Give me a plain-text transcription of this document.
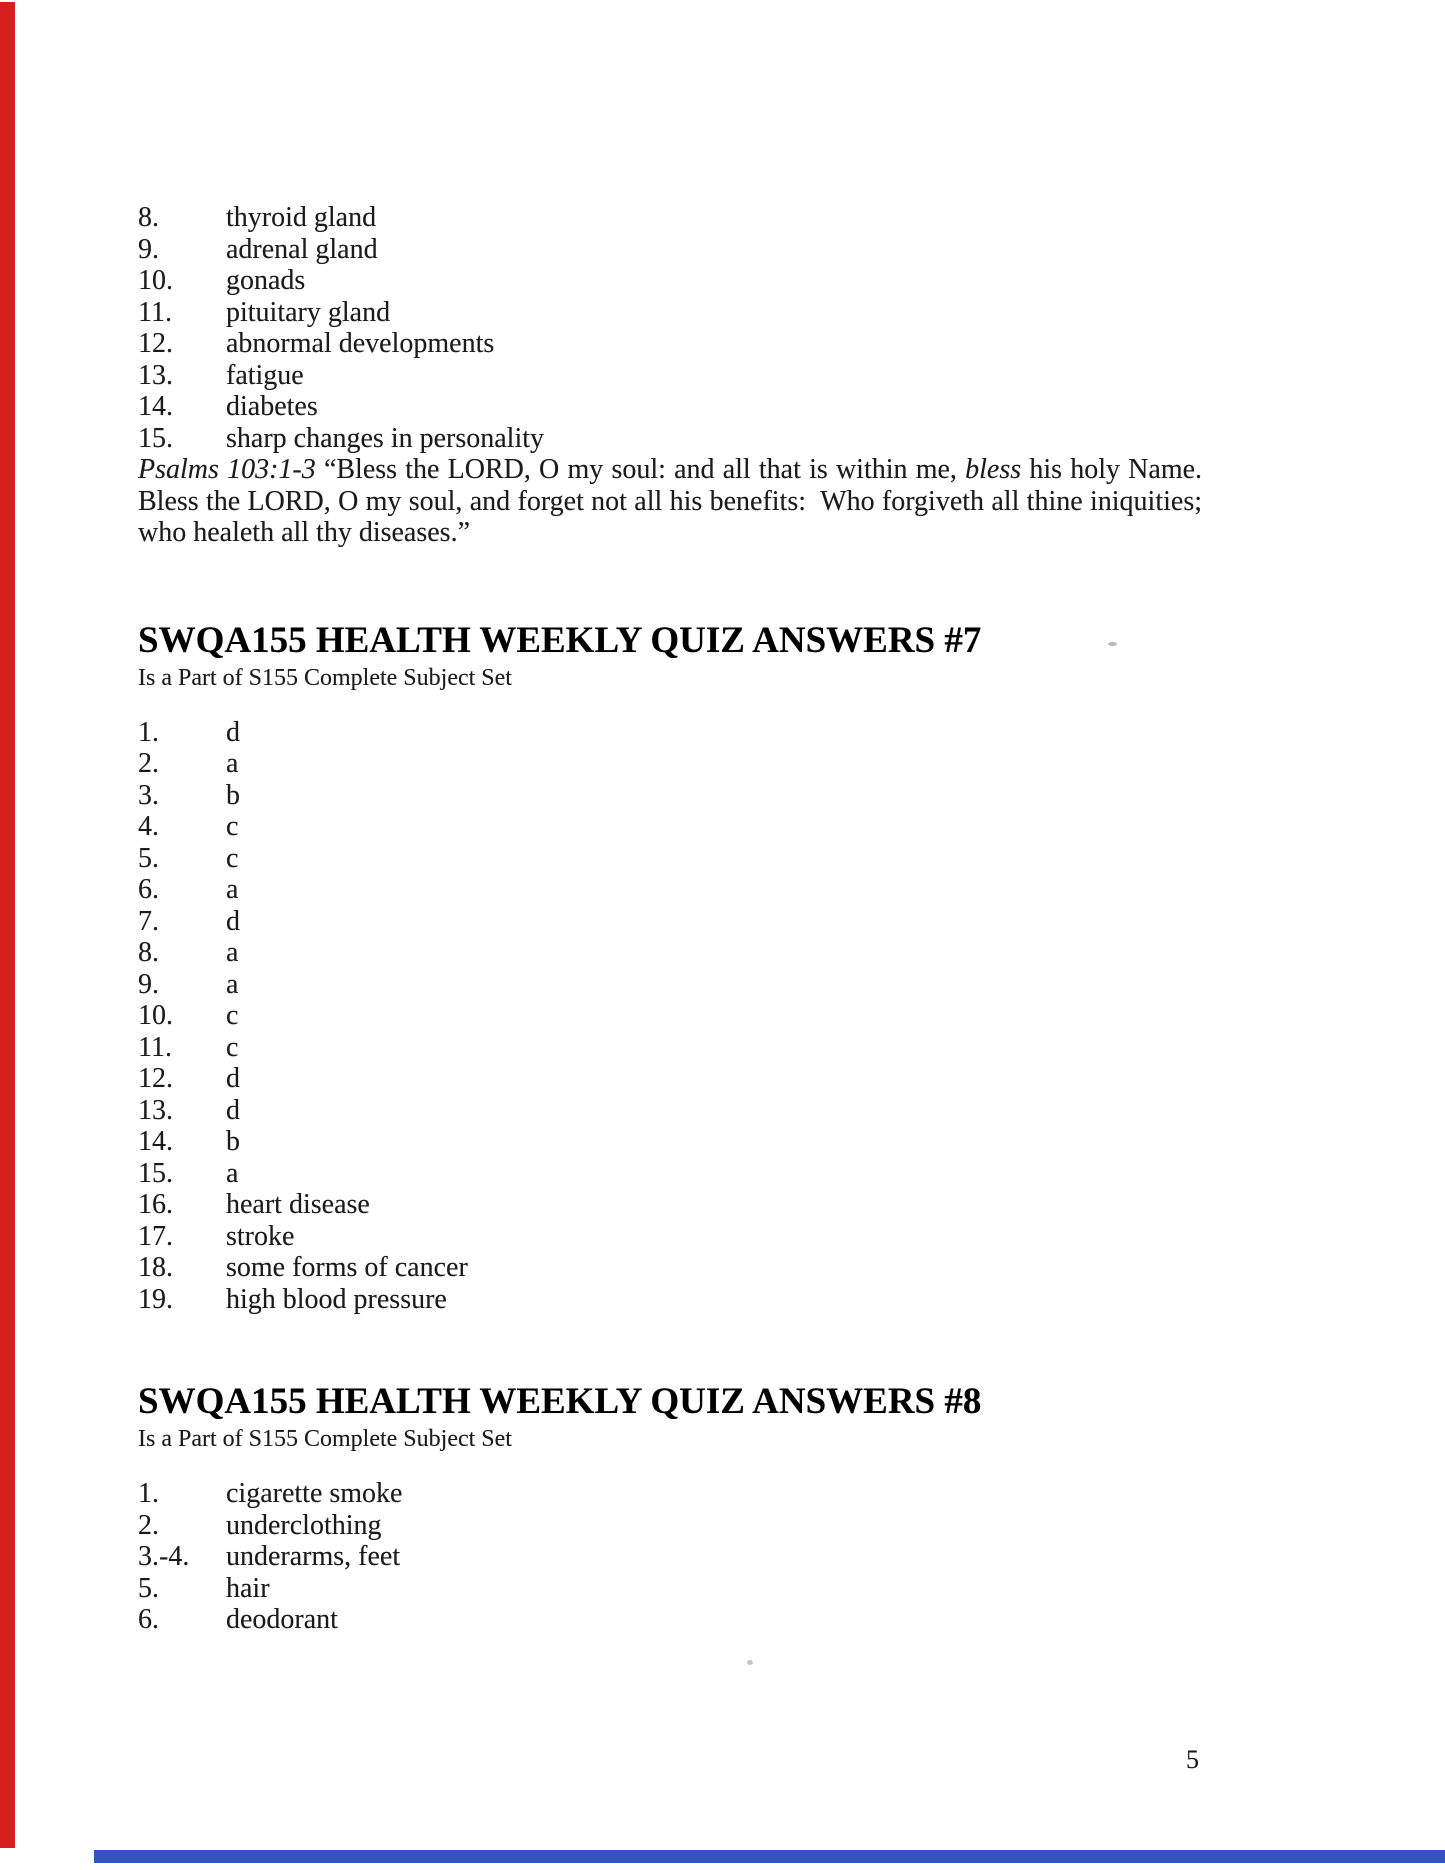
8.	thyroid gland
9.	adrenal gland
10.	gonads
11.	pituitary gland
12.	abnormal developments
13.	fatigue
14.	diabetes
15.	sharp changes in personality

Psalms 103:1-3 “Bless the LORD, O my soul: and all that is within me, bless his holy Name. Bless the LORD, O my soul, and forget not all his benefits:  Who forgiveth all thine iniquities; who healeth all thy diseases.”

SWQA155 HEALTH WEEKLY QUIZ ANSWERS #7

Is a Part of S155 Complete Subject Set

1.	d
2.	a
3.	b
4.	c
5.	c
6.	a
7.	d
8.	a
9.	a
10.	c
11.	c
12.	d
13.	d
14.	b
15.	a
16.	heart disease
17.	stroke
18.	some forms of cancer
19.	high blood pressure
SWQA155 HEALTH WEEKLY QUIZ ANSWERS #8

Is a Part of S155 Complete Subject Set

1.	cigarette smoke
2.	underclothing
3.-4.	underarms, feet
5.	hair
6.	deodorant
5
